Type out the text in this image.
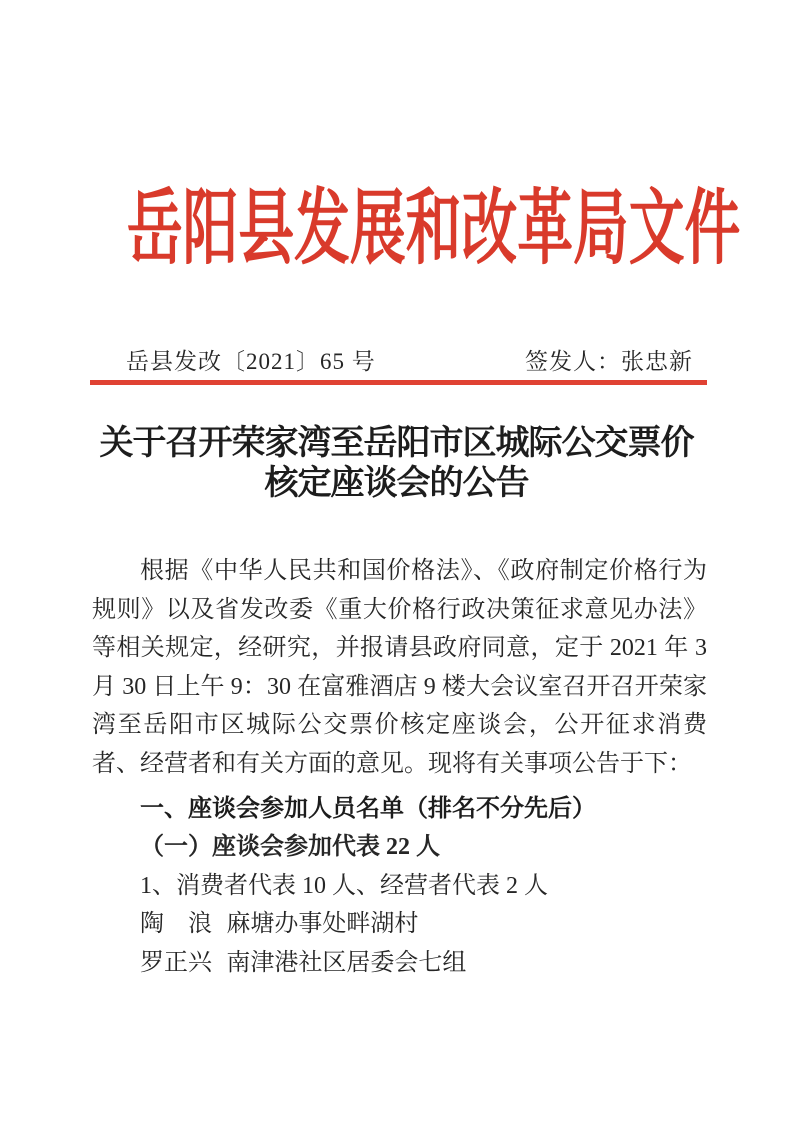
岳阳县发展和改革局文件
岳县发改〔2021〕65 号	签发人：张忠新
关于召开荣家湾至岳阳市区城际公交票价
核定座谈会的公告

根据《中华人民共和国价格法》、《政府制定价格行为规则》以及省发改委《重大价格行政决策征求意见办法》等相关规定，经研究，并报请县政府同意，定于 2021 年 3 月 30 日上午 9：30 在富雅酒店 9 楼大会议室召开召开荣家湾至岳阳市区城际公交票价核定座谈会，公开征求消费者、经营者和有关方面的意见。现将有关事项公告于下：

一、座谈会参加人员名单（排名不分先后）

（一）座谈会参加代表 22 人

1、消费者代表 10 人、经营者代表 2 人

陶　浪 麻塘办事处畔湖村

罗正兴 南津港社区居委会七组
